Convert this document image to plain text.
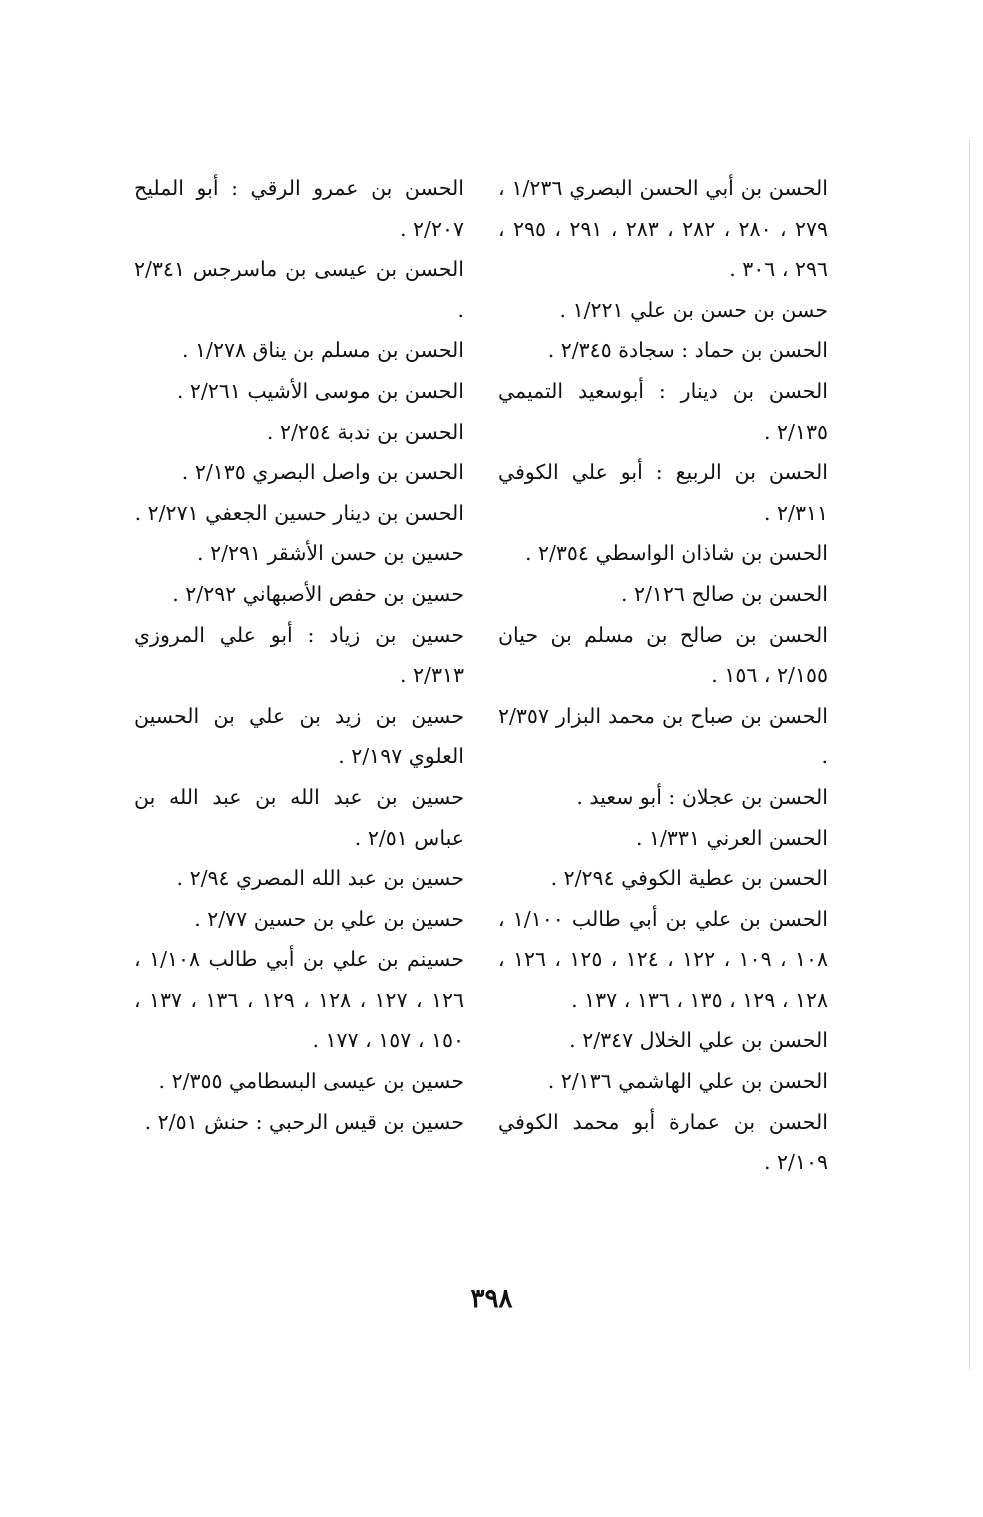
الحسن بن أبي الحسن البصري ١/٢٣٦ ، ٢٧٩ ، ٢٨٠ ، ٢٨٢ ، ٢٨٣ ، ٢٩١ ، ٢٩٥ ، ٢٩٦ ، ٣٠٦ .
حسن بن حسن بن علي ١/٢٢١ .
الحسن بن حماد : سجادة ٢/٣٤٥ .
الحسن بن دينار : أبوسعيد التميمي ٢/١٣٥ .
الحسن بن الربيع : أبو علي الكوفي ٢/٣١١ .
الحسن بن شاذان الواسطي ٢/٣٥٤ .
الحسن بن صالح ٢/١٢٦ .
الحسن بن صالح بن مسلم بن حيان ٢/١٥٥ ، ١٥٦ .
الحسن بن صباح بن محمد البزار ٢/٣٥٧ .
الحسن بن عجلان : أبو سعيد .
الحسن العرني ١/٣٣١ .
الحسن بن عطية الكوفي ٢/٢٩٤ .
الحسن بن علي بن أبي طالب ١/١٠٠ ، ١٠٨ ، ١٠٩ ، ١٢٢ ، ١٢٤ ، ١٢٥ ، ١٢٦ ، ١٢٨ ، ١٢٩ ، ١٣٥ ، ١٣٦ ، ١٣٧ .
الحسن بن علي الخلال ٢/٣٤٧ .
الحسن بن علي الهاشمي ٢/١٣٦ .
الحسن بن عمارة أبو محمد الكوفي ٢/١٠٩ .
الحسن بن عمرو الرقي : أبو المليح ٢/٢٠٧ .
الحسن بن عيسى بن ماسرجس ٢/٣٤١ .
الحسن بن مسلم بن يناق ١/٢٧٨ .
الحسن بن موسى الأشيب ٢/٢٦١ .
الحسن بن ندبة ٢/٢٥٤ .
الحسن بن واصل البصري ٢/١٣٥ .
الحسن بن دينار حسين الجعفي ٢/٢٧١ .
حسين بن حسن الأشقر ٢/٢٩١ .
حسين بن حفص الأصبهاني ٢/٢٩٢ .
حسين بن زياد : أبو علي المروزي ٢/٣١٣ .
حسين بن زيد بن علي بن الحسين العلوي ٢/١٩٧ .
حسين بن عبد الله بن عبد الله بن عباس ٢/٥١ .
حسين بن عبد الله المصري ٢/٩٤ .
حسين بن علي بن حسين ٢/٧٧ .
حسينم بن علي بن أبي طالب ١/١٠٨ ، ١٢٦ ، ١٢٧ ، ١٢٨ ، ١٢٩ ، ١٣٦ ، ١٣٧ ، ١٥٠ ، ١٥٧ ، ١٧٧ .
حسين بن عيسى البسطامي ٢/٣٥٥ .
حسين بن قيس الرحبي : حنش ٢/٥١ .
٣٩٨
